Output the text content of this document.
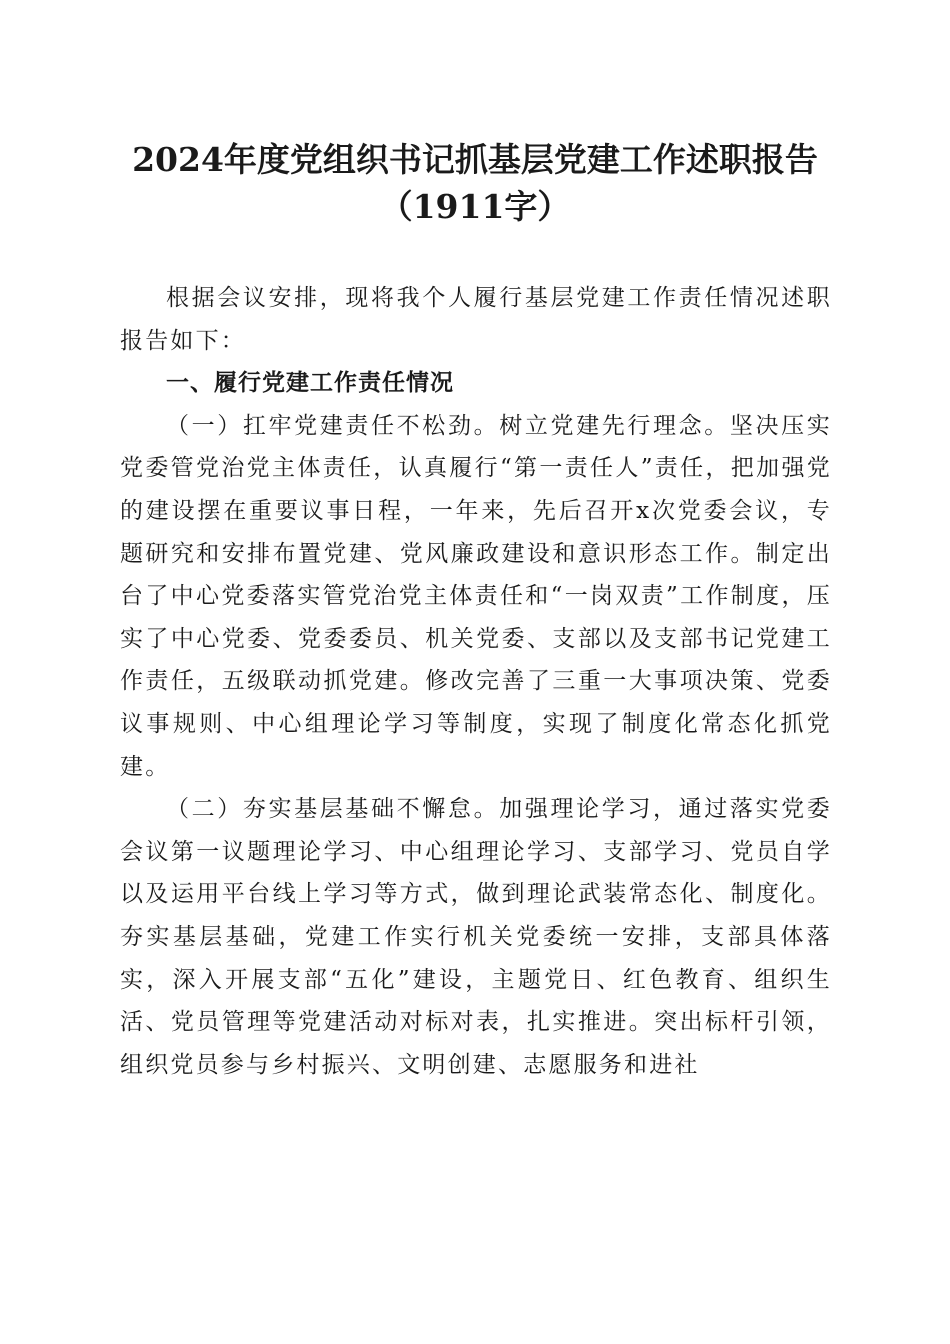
2024年度党组织书记抓基层党建工作述职报告（1911字）

根据会议安排，现将我个人履行基层党建工作责任情况述职报告如下：

一、履行党建工作责任情况

（一）扛牢党建责任不松劲。树立党建先行理念。坚决压实党委管党治党主体责任，认真履行“第一责任人”责任，把加强党的建设摆在重要议事日程，一年来，先后召开x次党委会议，专题研究和安排布置党建、党风廉政建设和意识形态工作。制定出台了中心党委落实管党治党主体责任和“一岗双责”工作制度，压实了中心党委、党委委员、机关党委、支部以及支部书记党建工作责任，五级联动抓党建。修改完善了三重一大事项决策、党委议事规则、中心组理论学习等制度，实现了制度化常态化抓党建。

（二）夯实基层基础不懈怠。加强理论学习，通过落实党委会议第一议题理论学习、中心组理论学习、支部学习、党员自学以及运用平台线上学习等方式，做到理论武装常态化、制度化。夯实基层基础，党建工作实行机关党委统一安排，支部具体落实，深入开展支部“五化”建设，主题党日、红色教育、组织生活、党员管理等党建活动对标对表，扎实推进。突出标杆引领，组织党员参与乡村振兴、文明创建、志愿服务和进社
